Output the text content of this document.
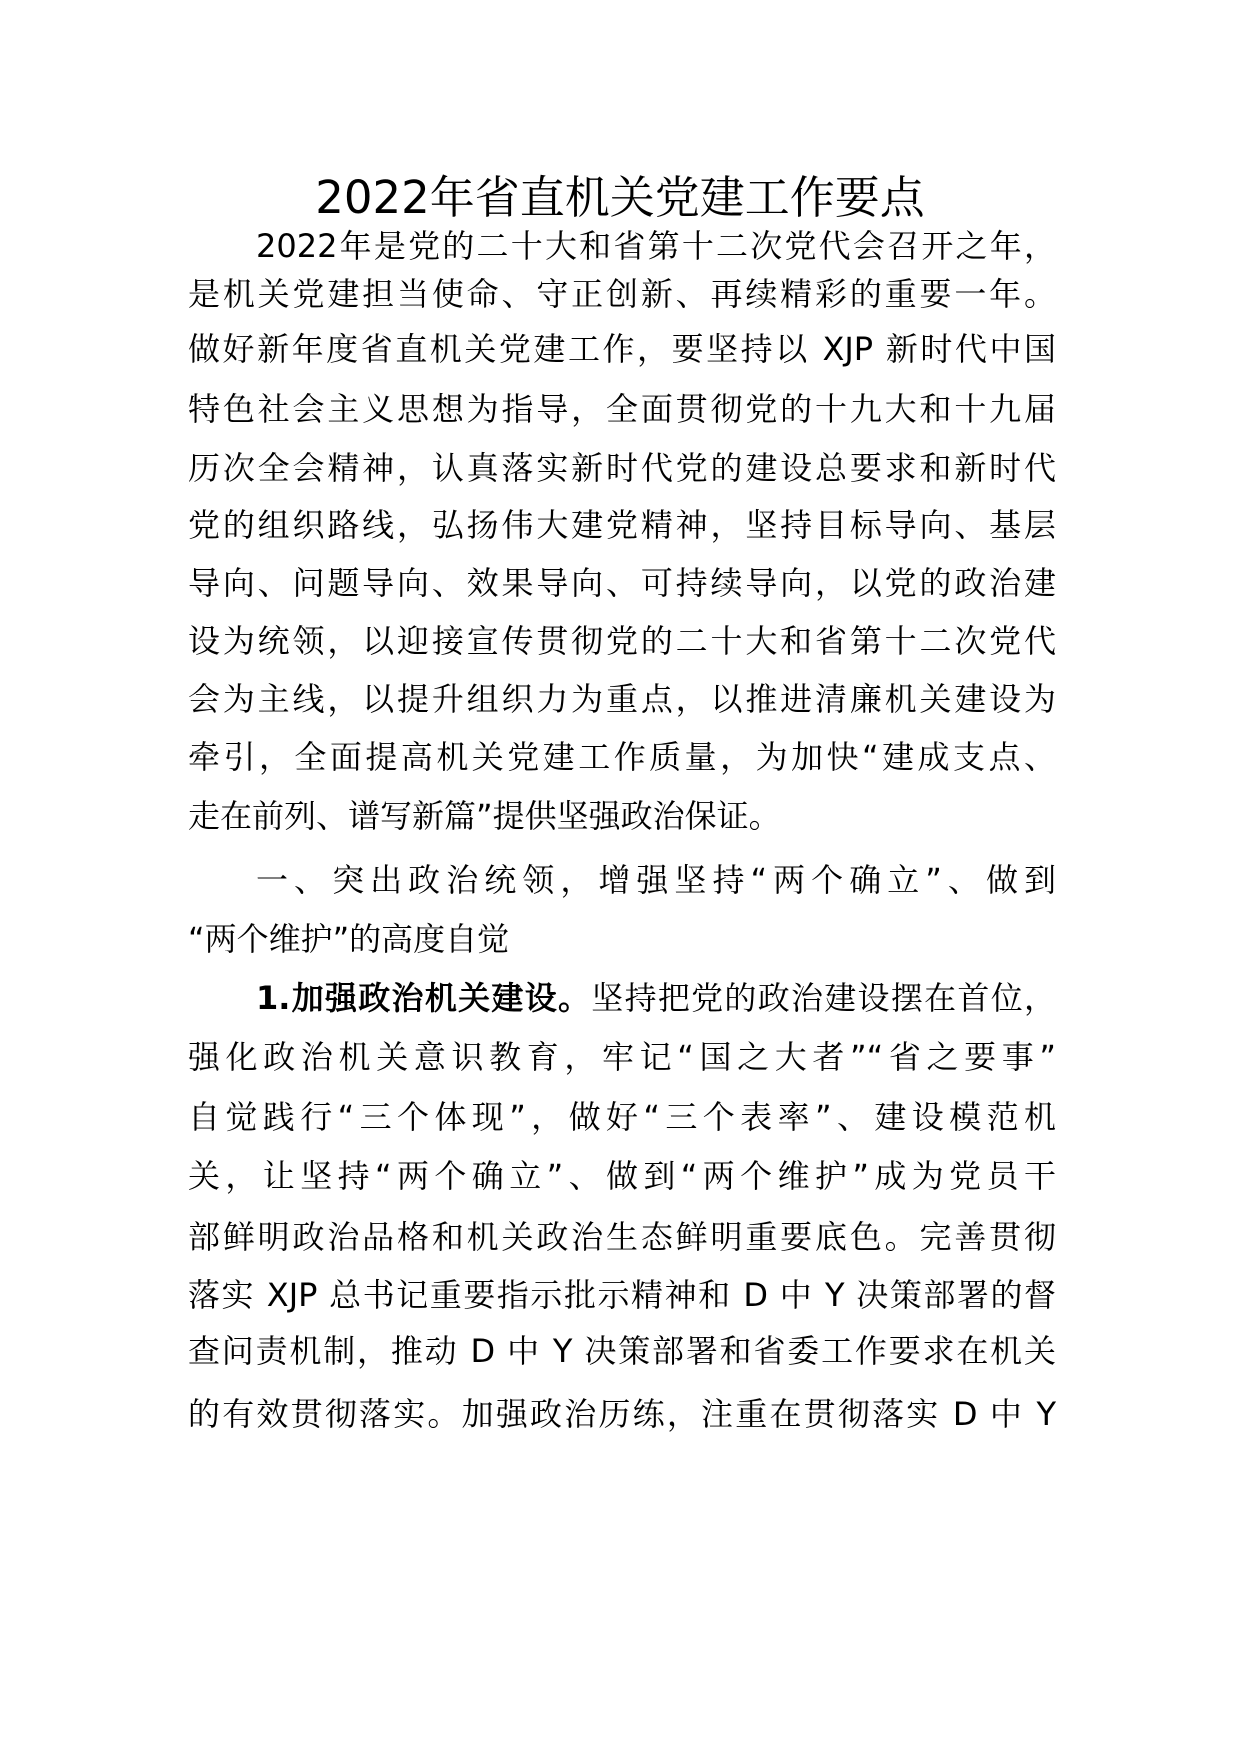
2022年省直机关党建工作要点
2022年是党的二十大和省第十二次党代会召开之年，
是机关党建担当使命、守正创新、再续精彩的重要一年。
做好新年度省直机关党建工作，要坚持以 XJP 新时代中国
特色社会主义思想为指导，全面贯彻党的十九大和十九届
历次全会精神，认真落实新时代党的建设总要求和新时代
党的组织路线，弘扬伟大建党精神，坚持目标导向、基层
导向、问题导向、效果导向、可持续导向，以党的政治建
设为统领，以迎接宣传贯彻党的二十大和省第十二次党代
会为主线，以提升组织力为重点，以推进清廉机关建设为
牵引，全面提高机关党建工作质量，为加快“建成支点、
走在前列、谱写新篇”提供坚强政治保证。
一、突出政治统领，增强坚持“两个确立”、做到
“两个维护”的高度自觉
1.加强政治机关建设。坚持把党的政治建设摆在首位，
强化政治机关意识教育，牢记“国之大者”“省之要事”
自觉践行“三个体现”，做好“三个表率”、建设模范机
关，让坚持“两个确立”、做到“两个维护”成为党员干
部鲜明政治品格和机关政治生态鲜明重要底色。完善贯彻
落实 XJP 总书记重要指示批示精神和 D 中 Y 决策部署的督
查问责机制，推动 D 中 Y 决策部署和省委工作要求在机关
的有效贯彻落实。加强政治历练，注重在贯彻落实 D 中 Y
